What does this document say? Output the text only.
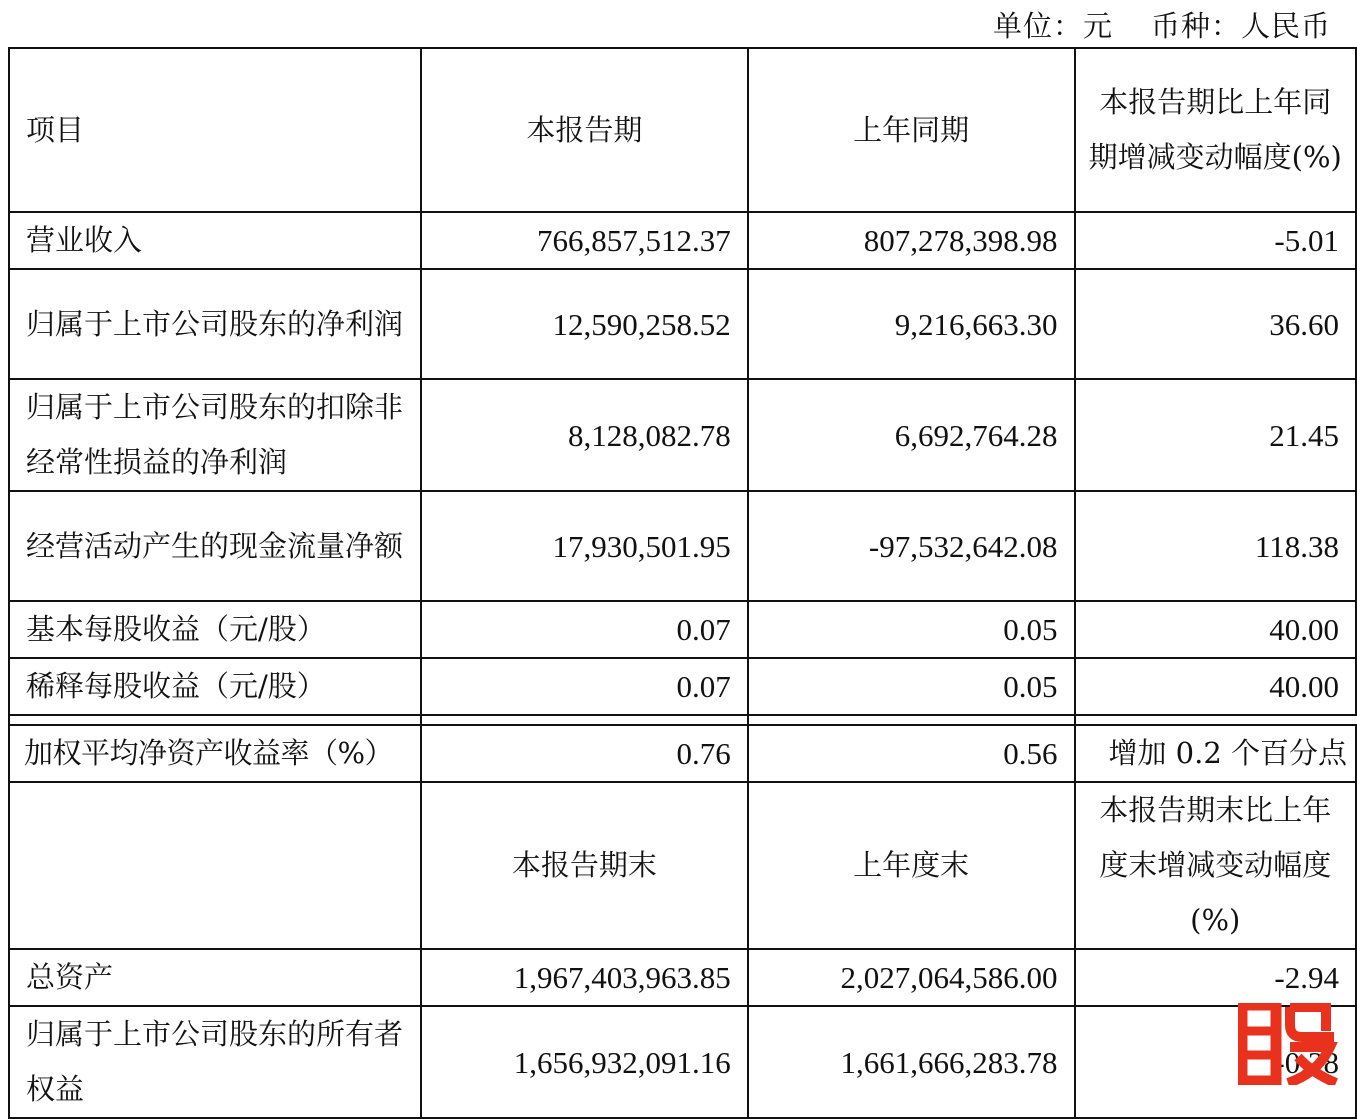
单位：元 币种：人民币
项目	本报告期	上年同期	本报告期比上年同期增减变动幅度(%)
营业收入	766,857,512.37	807,278,398.98	-5.01
归属于上市公司股东的净利润	12,590,258.52	9,216,663.30	36.60
归属于上市公司股东的扣除非经常性损益的净利润	8,128,082.78	6,692,764.28	21.45
经营活动产生的现金流量净额	17,930,501.95	-97,532,642.08	118.38
基本每股收益（元/股）	0.07	0.05	40.00
稀释每股收益（元/股）	0.07	0.05	40.00

加权平均净资产收益率（%）	0.76	0.56	增加 0.2 个百分点
	本报告期末	上年度末	本报告期末比上年度末增减变动幅度(%)
总资产	1,967,403,963.85	2,027,064,586.00	-2.94
归属于上市公司股东的所有者权益	1,656,932,091.16	1,661,666,283.78	-0.28
